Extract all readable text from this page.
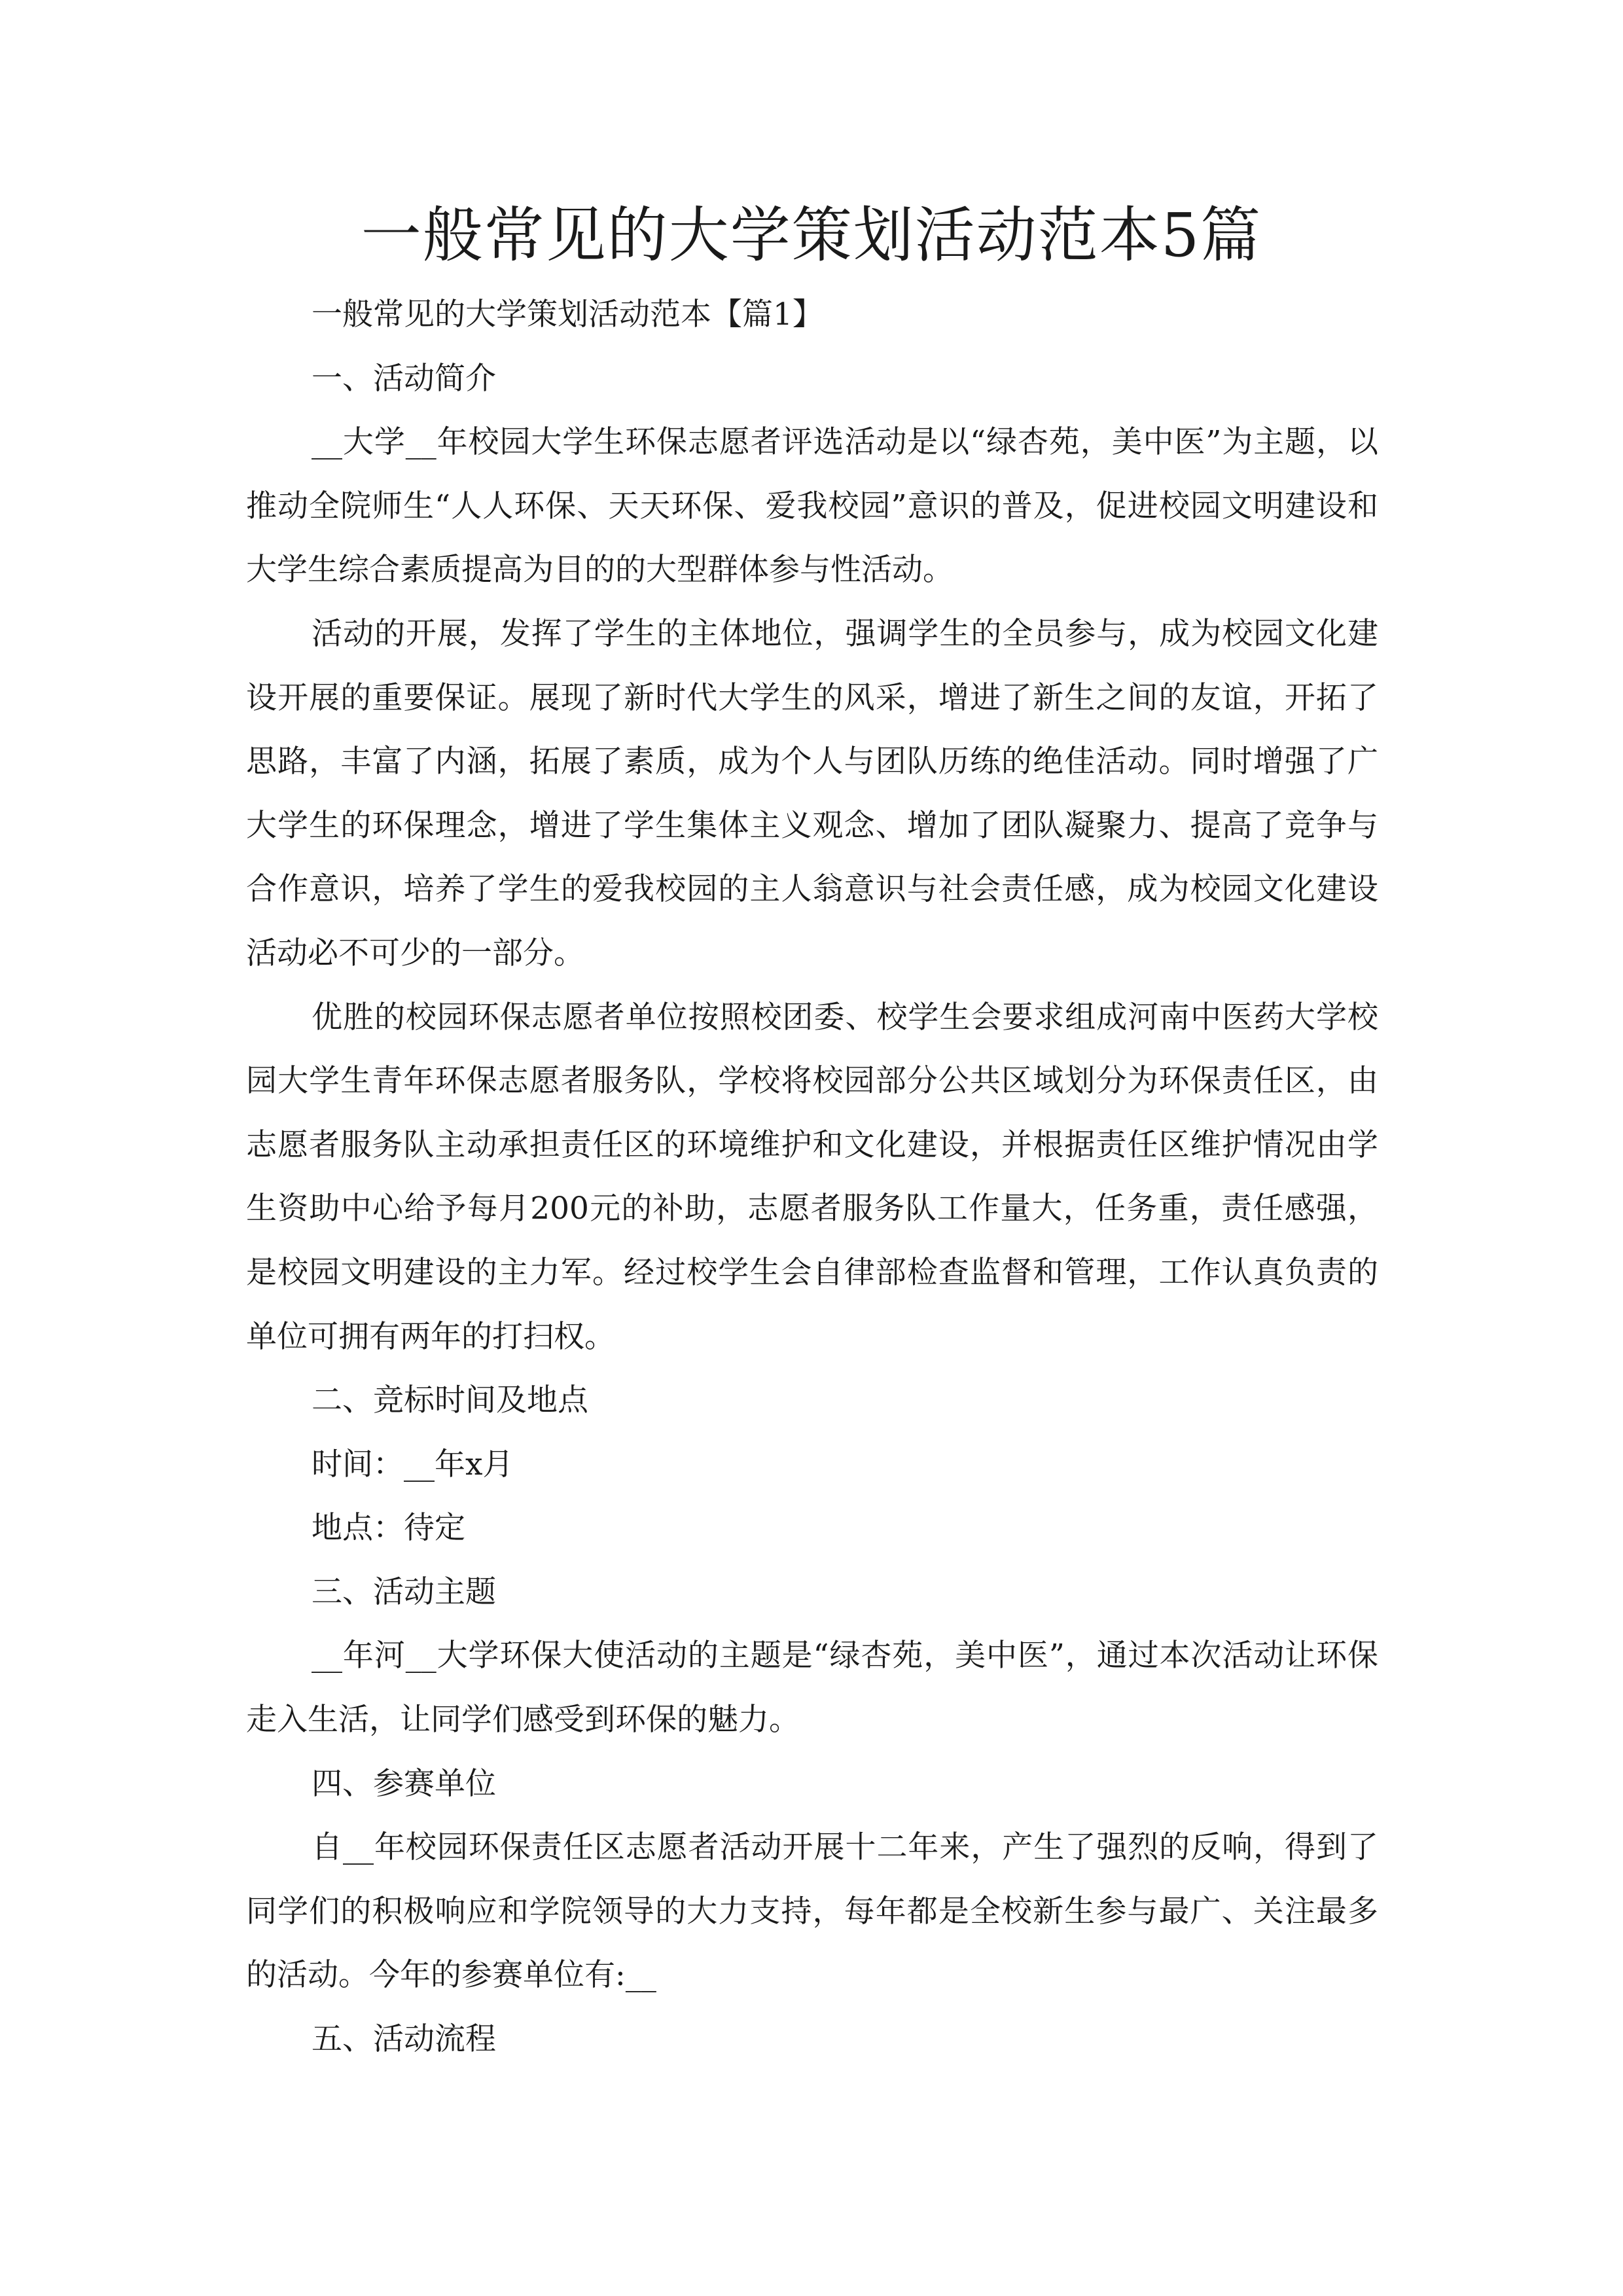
一般常见的大学策划活动范本5篇

一般常见的大学策划活动范本【篇1】

一、活动简介

__大学__年校园大学生环保志愿者评选活动是以“绿杏苑，美中医”为主题，以推动全院师生“人人环保、天天环保、爱我校园”意识的普及，促进校园文明建设和大学生综合素质提高为目的的大型群体参与性活动。

活动的开展，发挥了学生的主体地位，强调学生的全员参与，成为校园文化建设开展的重要保证。展现了新时代大学生的风采，增进了新生之间的友谊，开拓了思路，丰富了内涵，拓展了素质，成为个人与团队历练的绝佳活动。同时增强了广大学生的环保理念，增进了学生集体主义观念、增加了团队凝聚力、提高了竞争与合作意识，培养了学生的爱我校园的主人翁意识与社会责任感，成为校园文化建设活动必不可少的一部分。

优胜的校园环保志愿者单位按照校团委、校学生会要求组成河南中医药大学校园大学生青年环保志愿者服务队，学校将校园部分公共区域划分为环保责任区，由志愿者服务队主动承担责任区的环境维护和文化建设，并根据责任区维护情况由学生资助中心给予每月200元的补助，志愿者服务队工作量大，任务重，责任感强，是校园文明建设的主力军。经过校学生会自律部检查监督和管理，工作认真负责的单位可拥有两年的打扫权。

二、竞标时间及地点

时间：__年x月

地点：待定

三、活动主题

__年河__大学环保大使活动的主题是“绿杏苑，美中医”，通过本次活动让环保走入生活，让同学们感受到环保的魅力。

四、参赛单位

自__年校园环保责任区志愿者活动开展十二年来，产生了强烈的反响，得到了同学们的积极响应和学院领导的大力支持，每年都是全校新生参与最广、关注最多的活动。今年的参赛单位有:__

五、活动流程
